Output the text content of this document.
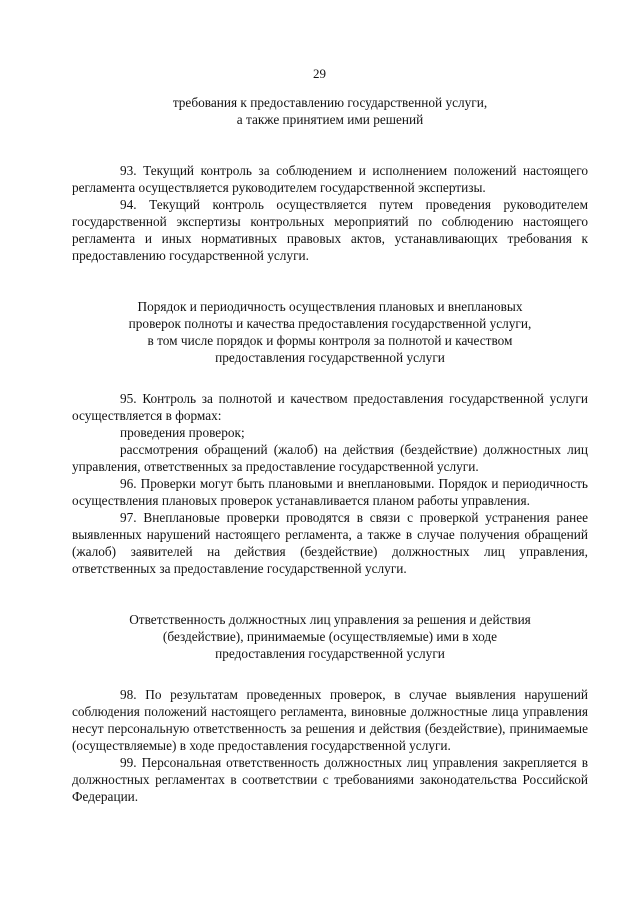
29
требования к предоставлению государственной услуги,
а также принятием ими решений

93. Текущий контроль за соблюдением и исполнением положений настоящего регламента осуществляется руководителем государственной экспертизы.

94. Текущий контроль осуществляется путем проведения руководителем государственной экспертизы контрольных мероприятий по соблюдению настоящего регламента и иных нормативных правовых актов, устанавливающих требования к предоставлению государственной услуги.

Порядок и периодичность осуществления плановых и внеплановых
проверок полноты и качества предоставления государственной услуги,
в том числе порядок и формы контроля за полнотой и качеством
предоставления государственной услуги

95. Контроль за полнотой и качеством предоставления государственной услуги осуществляется в формах:

проведения проверок;

рассмотрения обращений (жалоб) на действия (бездействие) должностных лиц управления, ответственных за предоставление государственной услуги.

96. Проверки могут быть плановыми и внеплановыми. Порядок и периодичность осуществления плановых проверок устанавливается планом работы управления.

97. Внеплановые проверки проводятся в связи с проверкой устранения ранее выявленных нарушений настоящего регламента, а также в случае получения обращений (жалоб) заявителей на действия (бездействие) должностных лиц управления, ответственных за предоставление государственной услуги.

Ответственность должностных лиц управления за решения и действия
(бездействие), принимаемые (осуществляемые) ими в ходе
предоставления государственной услуги

98. По результатам проведенных проверок, в случае выявления нарушений соблюдения положений настоящего регламента, виновные должностные лица управления несут персональную ответственность за решения и действия (бездействие), принимаемые (осуществляемые) в ходе предоставления государственной услуги.

99. Персональная ответственность должностных лиц управления закрепляется в должностных регламентах в соответствии с требованиями законодательства Российской Федерации.
